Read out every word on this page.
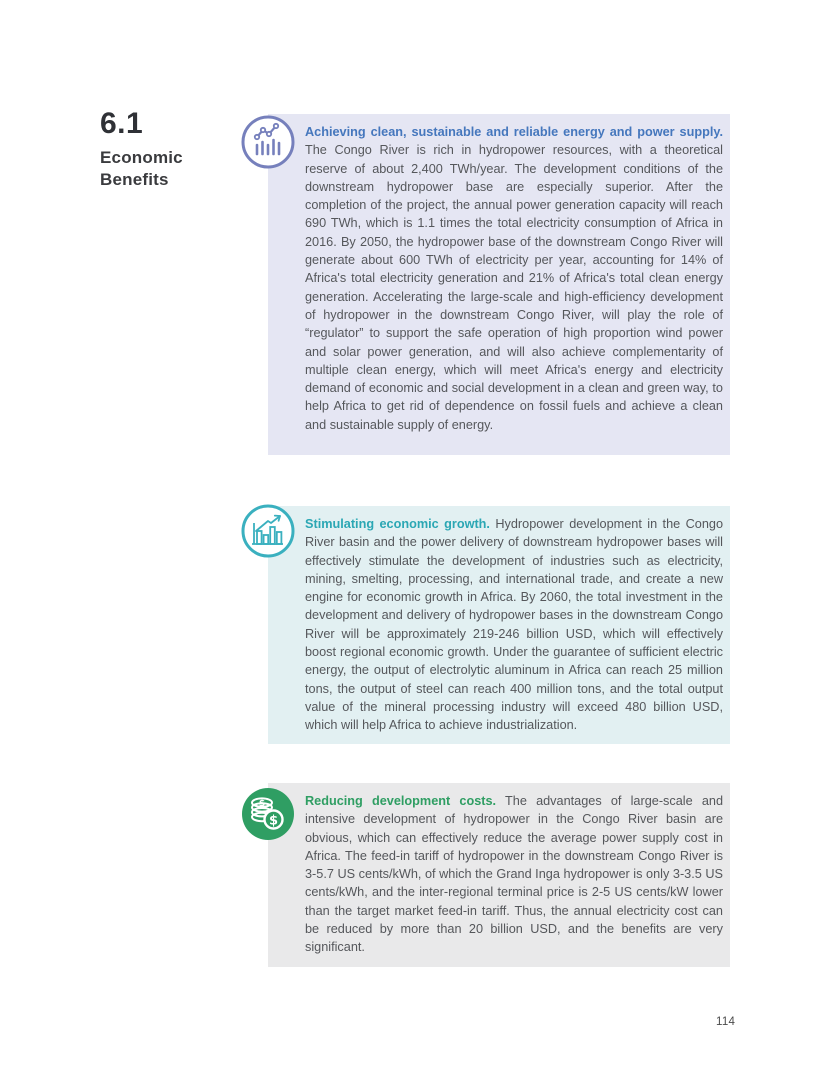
6.1
Economic
Benefits

Achieving clean, sustainable and reliable energy and power supply. The Congo River is rich in hydropower resources, with a theoretical reserve of about 2,400 TWh/year. The development conditions of the downstream hydropower base are especially superior. After the completion of the project, the annual power generation capacity will reach 690 TWh, which is 1.1 times the total electricity consumption of Africa in 2016. By 2050, the hydropower base of the downstream Congo River will generate about 600 TWh of electricity per year, accounting for 14% of Africa's total electricity generation and 21% of Africa's total clean energy generation. Accelerating the large-scale and high-efficiency development of hydropower in the downstream Congo River, will play the role of “regulator” to support the safe operation of high proportion wind power and solar power generation, and will also achieve complementarity of multiple clean energy, which will meet Africa's energy and electricity demand of economic and social development in a clean and green way, to help Africa to get rid of dependence on fossil fuels and achieve a clean and sustainable supply of energy.

Stimulating economic growth. Hydropower development in the Congo River basin and the power delivery of downstream hydropower bases will effectively stimulate the development of industries such as electricity, mining, smelting, processing, and international trade, and create a new engine for economic growth in Africa. By 2060, the total investment in the development and delivery of hydropower bases in the downstream Congo River will be approximately 219-246 billion USD, which will effectively boost regional economic growth. Under the guarantee of sufficient electric energy, the output of electrolytic aluminum in Africa can reach 25 million tons, the output of steel can reach 400 million tons, and the total output value of the mineral processing industry will exceed 480 billion USD, which will help Africa to achieve industrialization.

$
$

Reducing development costs. The advantages of large-scale and intensive development of hydropower in the Congo River basin are obvious, which can effectively reduce the average power supply cost in Africa. The feed-in tariff of hydropower in the downstream Congo River is 3-5.7 US cents/kWh, of which the Grand Inga hydropower is only 3-3.5 US cents/kWh, and the inter-regional terminal price is 2-5 US cents/kW lower than the target market feed-in tariff. Thus, the annual electricity cost can be reduced by more than 20 billion USD, and the benefits are very significant.

114
